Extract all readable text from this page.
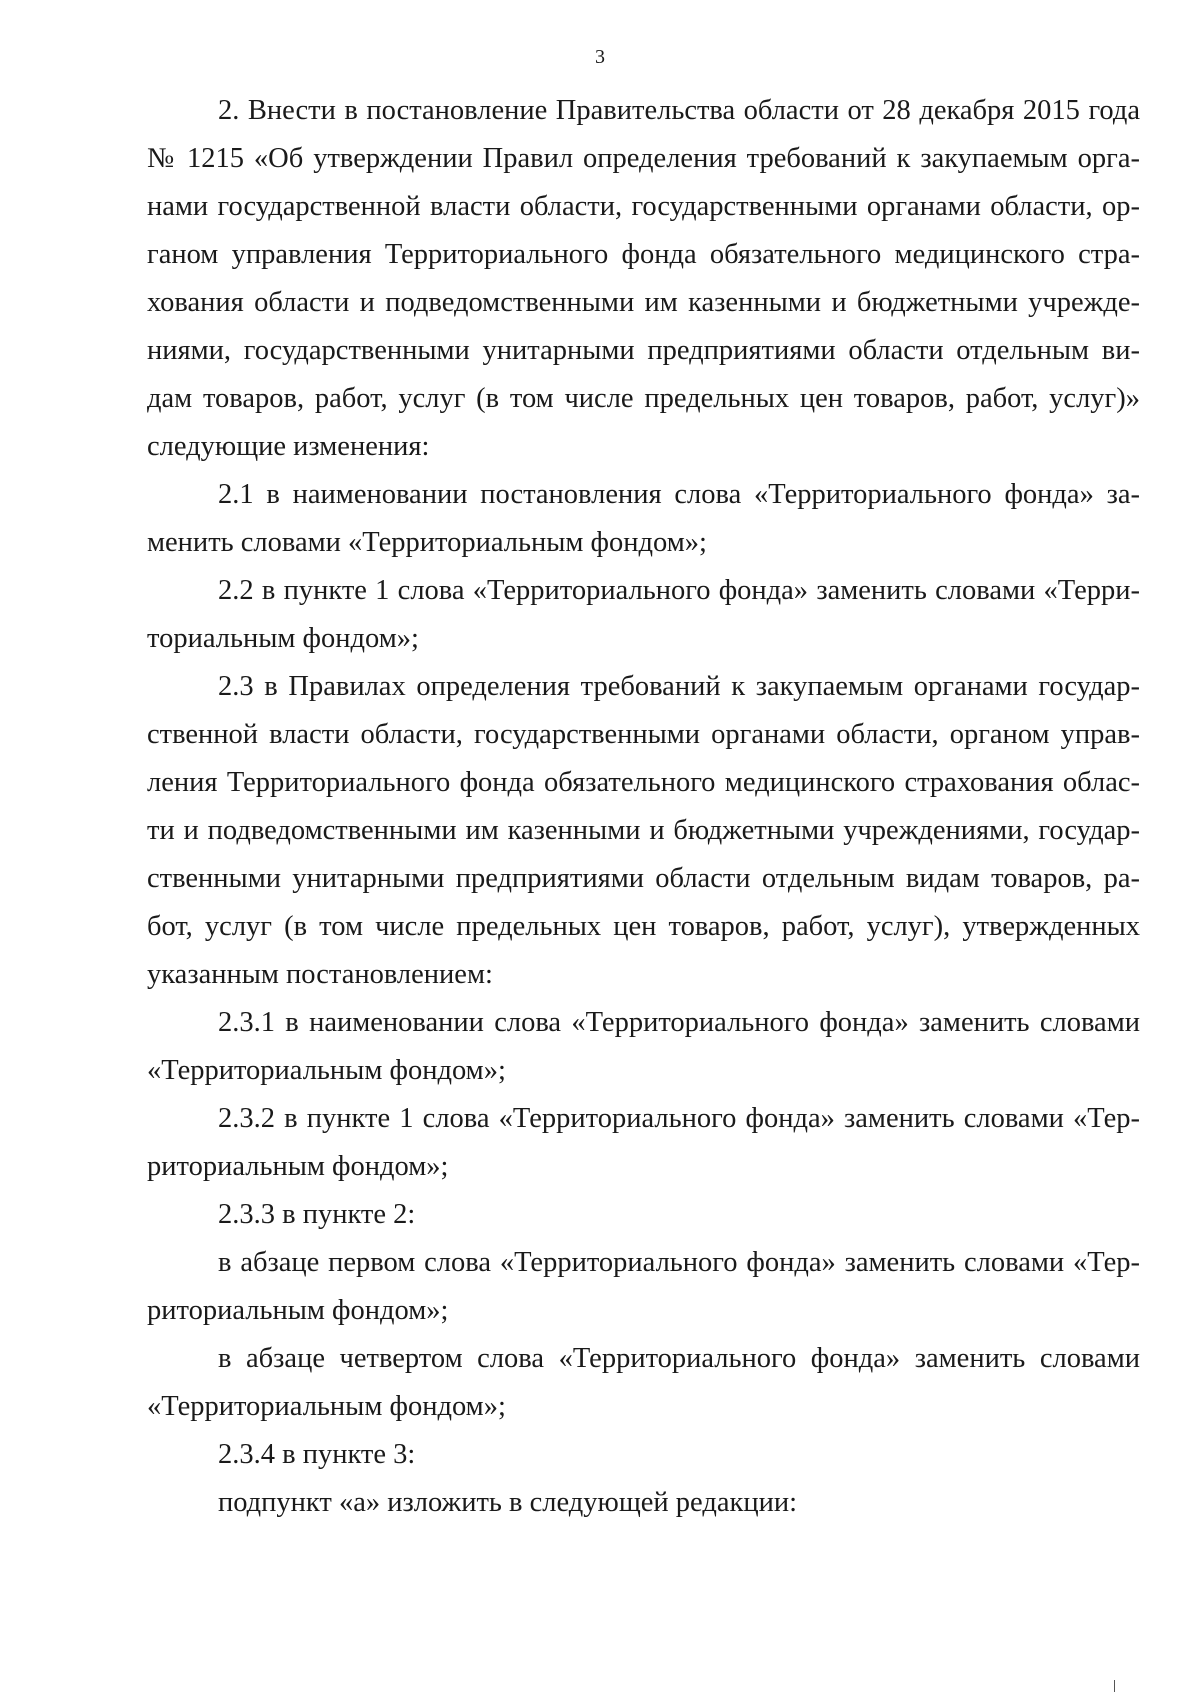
3

2. Внести в постановление Правительства области от 28 декабря 2015 года № 1215 «Об утверждении Правил определения требований к закупаемым органами государственной власти области, государственными органами области, органом управления Территориального фонда обязательного медицинского страхования области и подведомственными им казенными и бюджетными учреждениями, государственными унитарными предприятиями области отдельным видам товаров, работ, услуг (в том числе предельных цен товаров, работ, услуг)» следующие изменения:

2.1 в наименовании постановления слова «Территориального фонда» заменить словами «Территориальным фондом»;

2.2 в пункте 1 слова «Территориального фонда» заменить словами «Территориальным фондом»;

2.3 в Правилах определения требований к закупаемым органами государственной власти области, государственными органами области, органом управления Территориального фонда обязательного медицинского страхования области и подведомственными им казенными и бюджетными учреждениями, государственными унитарными предприятиями области отдельным видам товаров, работ, услуг (в том числе предельных цен товаров, работ, услуг), утвержденных указанным постановлением:

2.3.1 в наименовании слова «Территориального фонда» заменить словами «Территориальным фондом»;

2.3.2 в пункте 1 слова «Территориального фонда» заменить словами «Территориальным фондом»;

2.3.3 в пункте 2:

в абзаце первом слова «Территориального фонда» заменить словами «Территориальным фондом»;

в абзаце четвертом слова «Территориального фонда» заменить словами «Территориальным фондом»;

2.3.4 в пункте 3:

подпункт «а» изложить в следующей редакции:
